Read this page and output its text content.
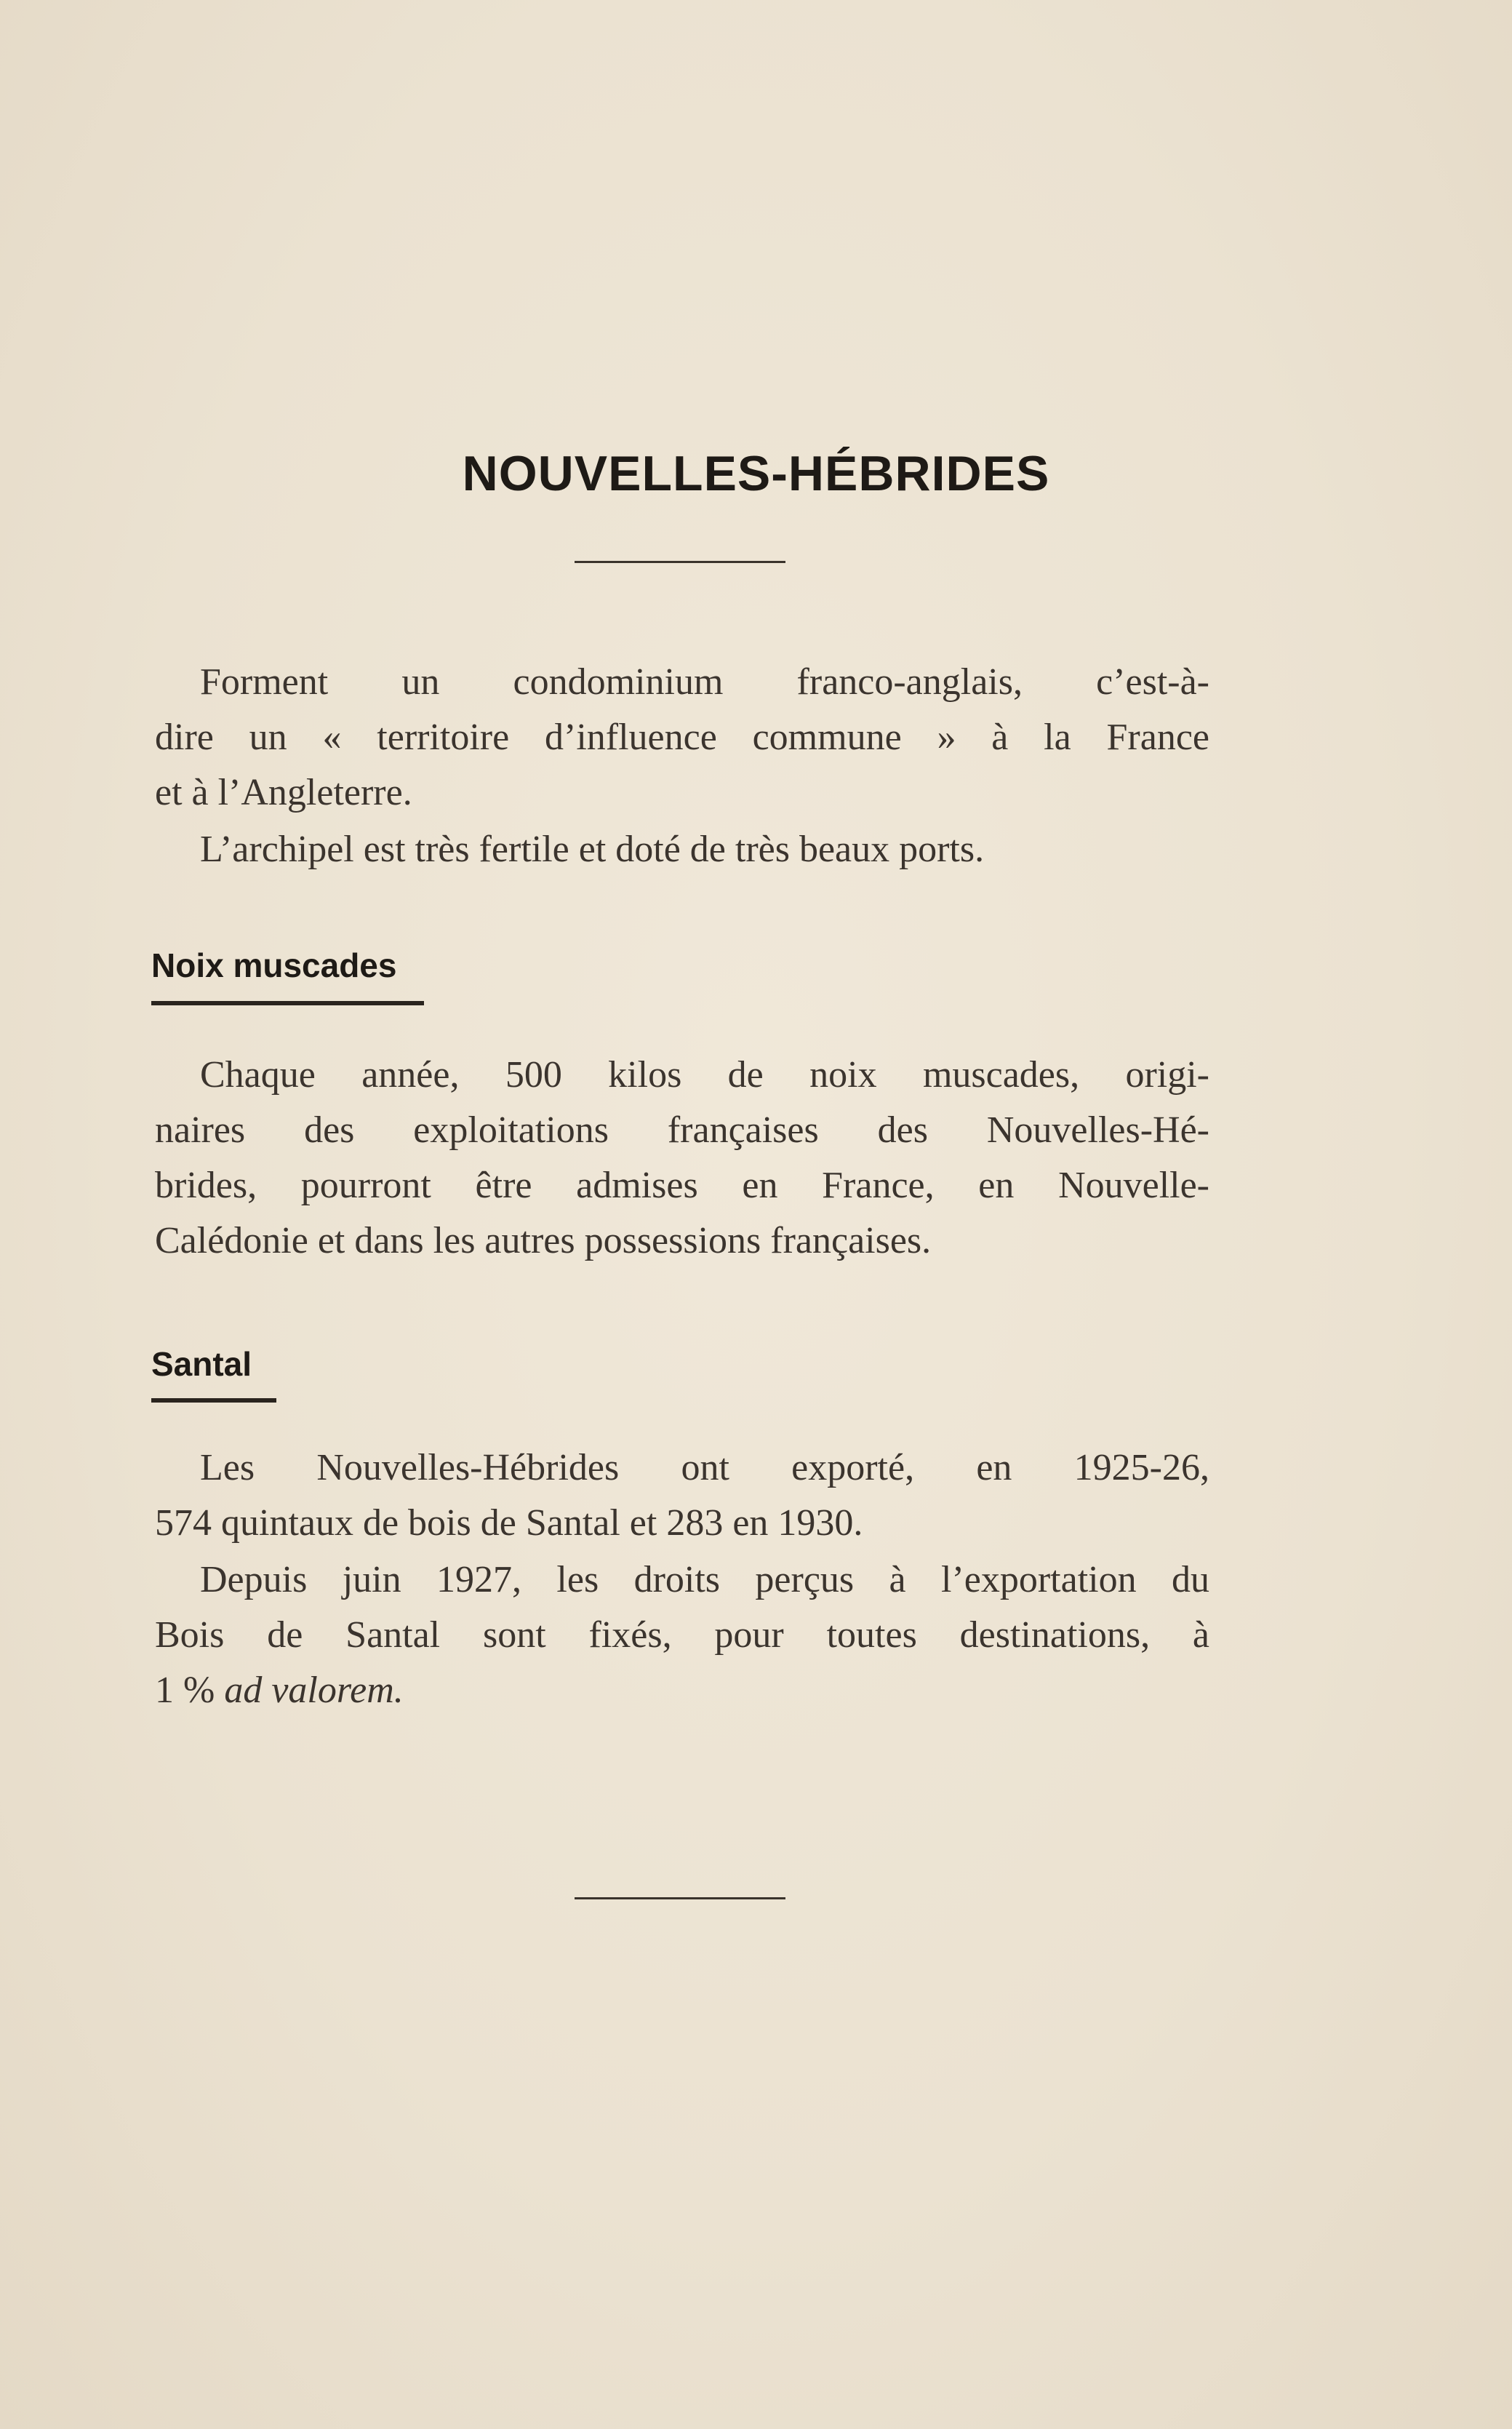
NOUVELLES-HÉBRIDES
Forment un condominium franco-anglais, c’est-à-
dire un « territoire d’influence commune » à la France
et à l’Angleterre.
L’archipel est très fertile et doté de très beaux ports.
Noix muscades
Chaque année, 500 kilos de noix muscades, origi-
naires des exploitations françaises des Nouvelles-Hé-
brides, pourront être admises en France, en Nouvelle-
Calédonie et dans les autres possessions françaises.
Santal
Les Nouvelles-Hébrides ont exporté, en 1925-26,
574 quintaux de bois de Santal et 283 en 1930.
Depuis juin 1927, les droits perçus à l’exportation du
Bois de Santal sont fixés, pour toutes destinations, à
1 % ad valorem.
